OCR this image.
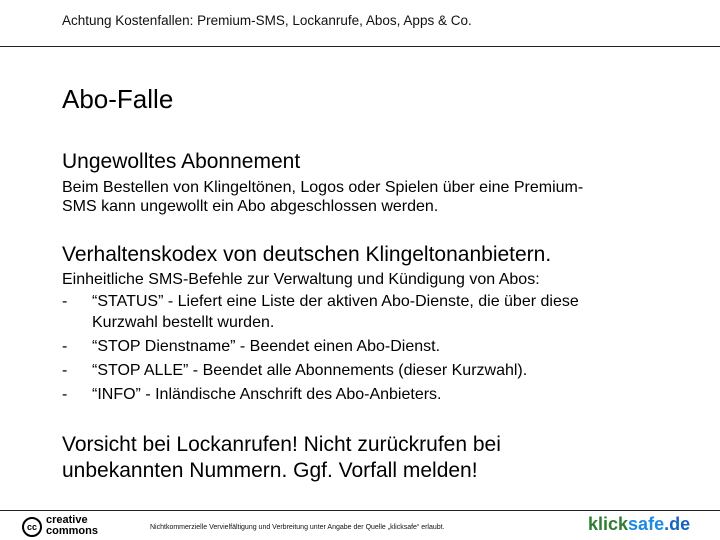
Achtung Kostenfallen: Premium-SMS, Lockanrufe, Abos, Apps & Co.
Abo-Falle
Ungewolltes Abonnement
Beim Bestellen von Klingeltönen, Logos oder Spielen über eine Premium-
SMS kann ungewollt ein Abo abgeschlossen werden.
Verhaltenskodex von deutschen Klingeltonanbietern.
Einheitliche SMS-Befehle zur Verwaltung und Kündigung von Abos:
- “STATUS” - Liefert eine Liste der aktiven Abo-Dienste, die über diese
Kurzwahl bestellt wurden.
- “STOP Dienstname” - Beendet einen Abo-Dienst.
- “STOP ALLE” - Beendet alle Abonnements (dieser Kurzwahl).
- “INFO” - Inländische Anschrift des Abo-Anbieters.
Vorsicht bei Lockanrufen! Nicht zurückrufen bei
unbekannten Nummern. Ggf. Vorfall melden!
cc
creative
commons	Nichtkommerzielle Vervielfältigung und Verbreitung unter Angabe der Quelle „klicksafe“ erlaubt.	klicksafe.de
